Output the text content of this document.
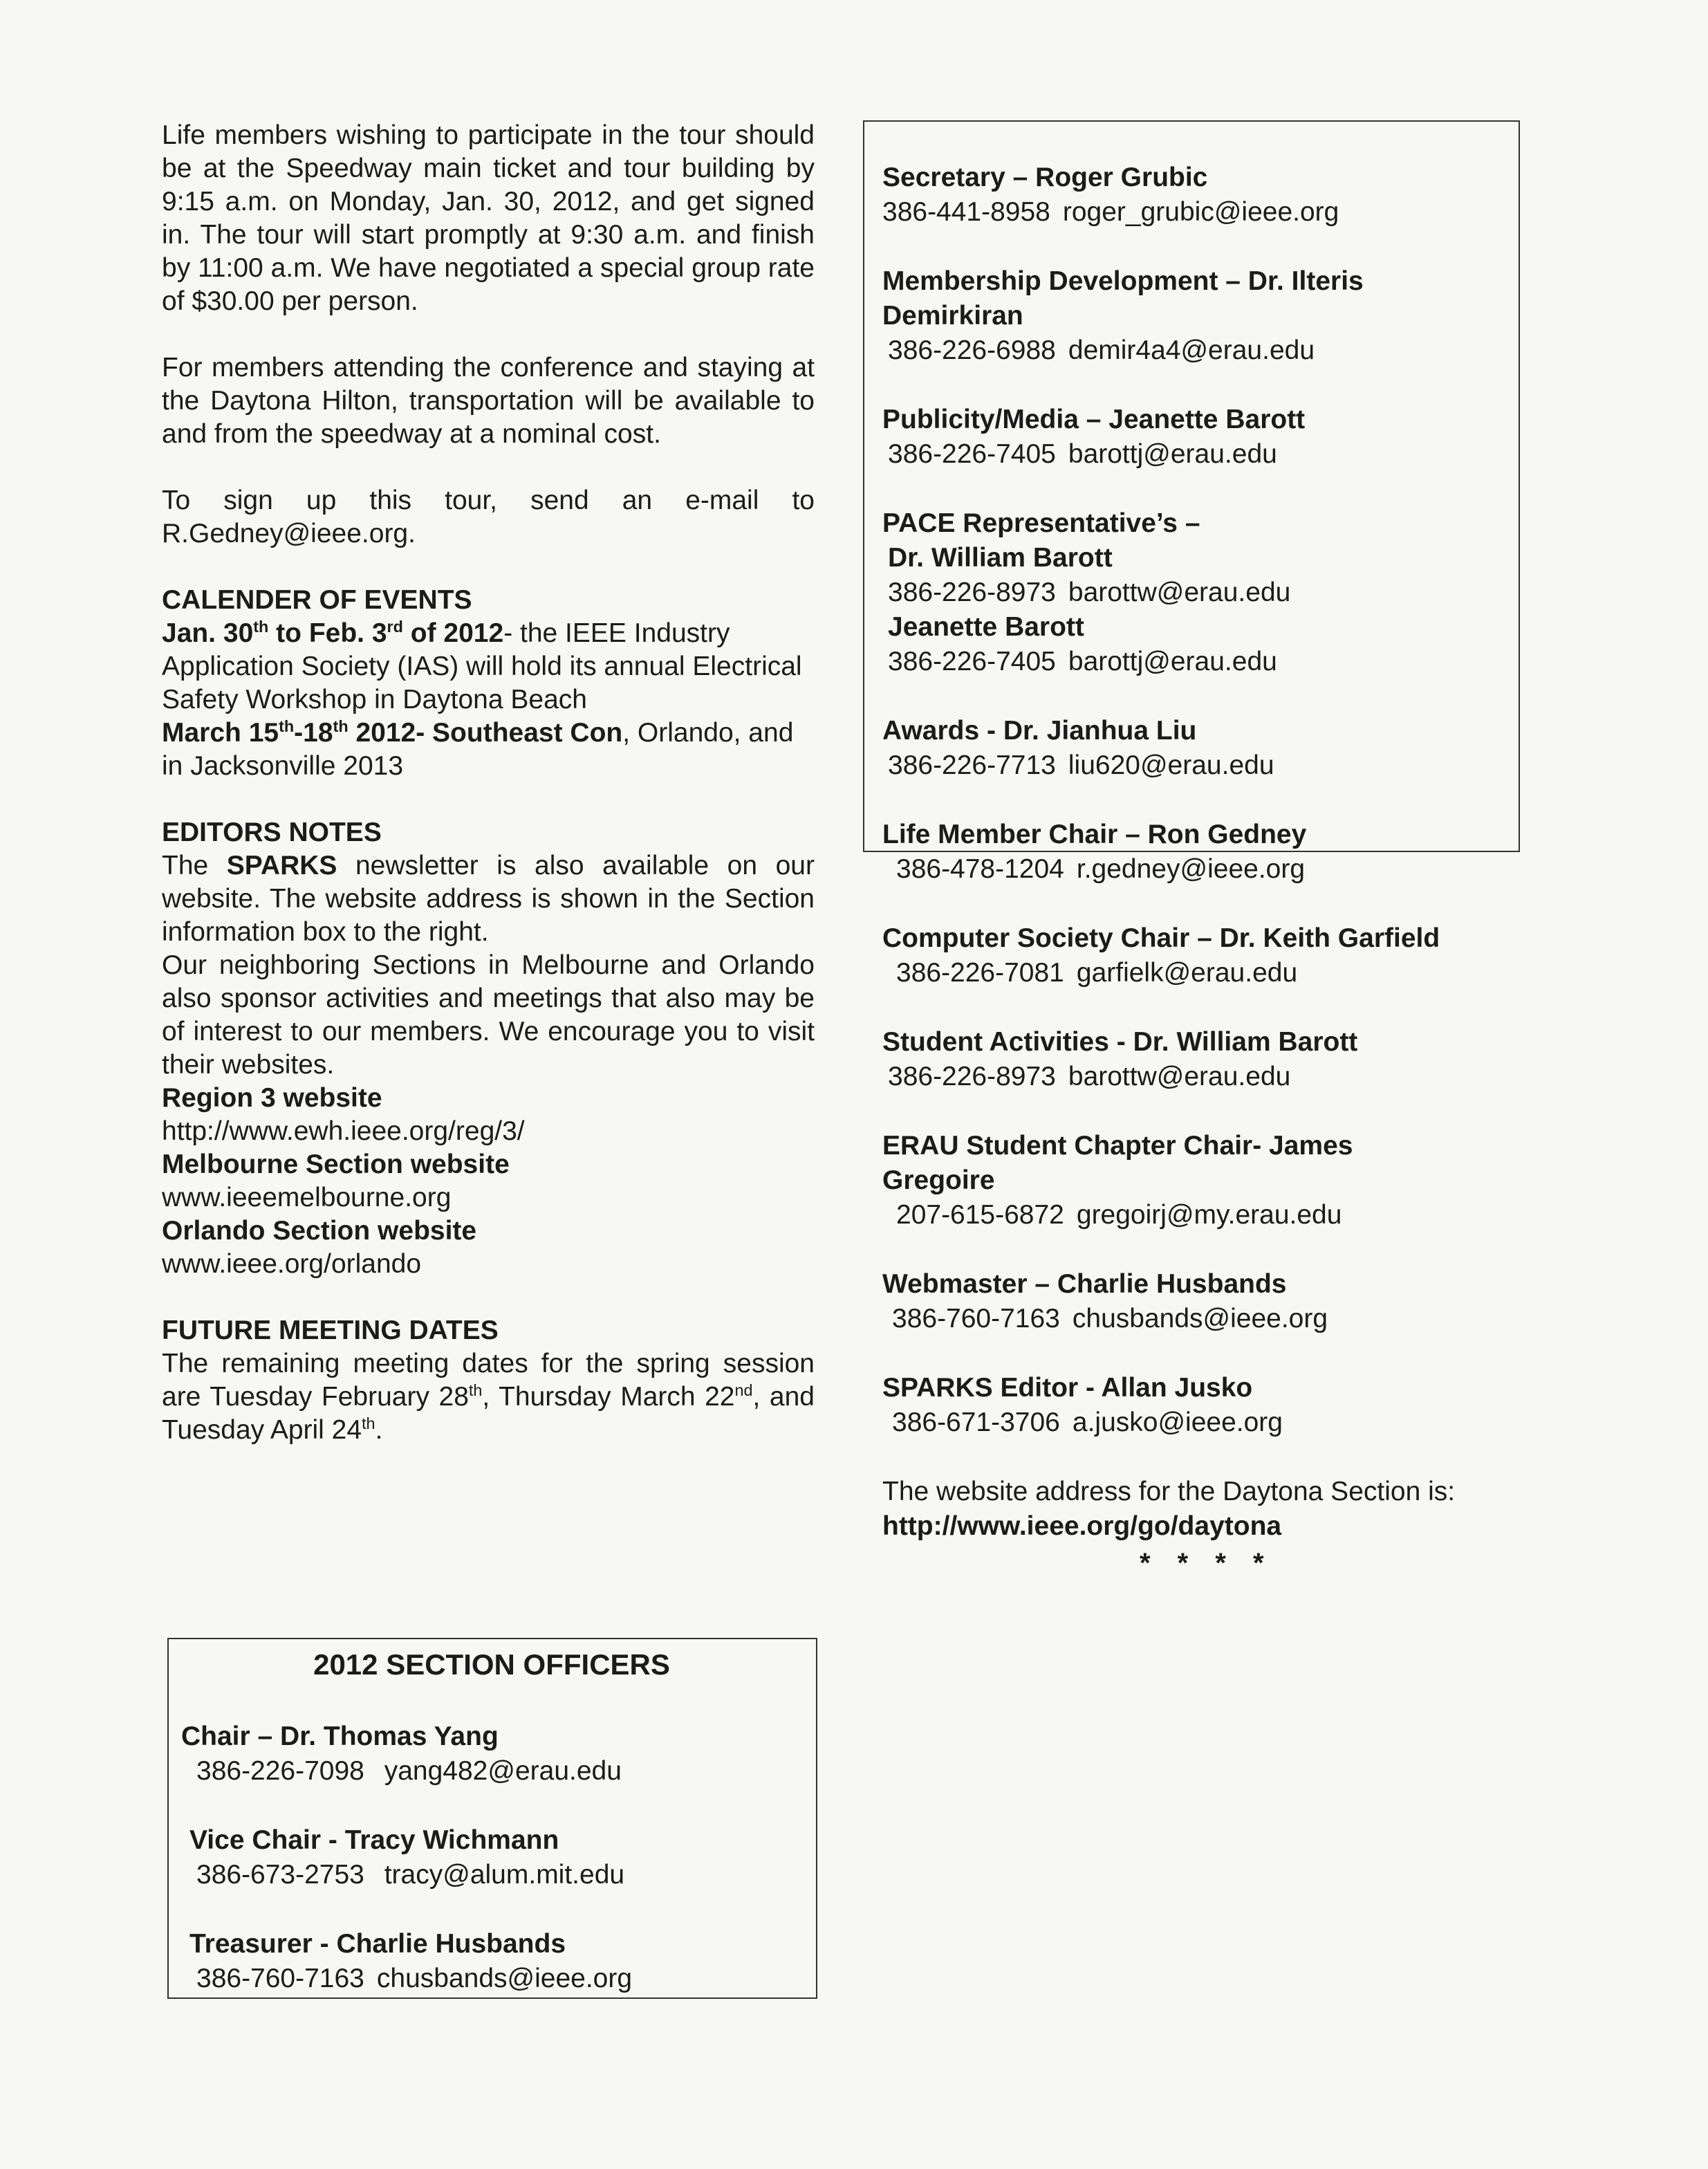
Life members wishing to participate in the tour should be at the Speedway main ticket and tour building by 9:15 a.m. on Monday, Jan. 30, 2012, and get signed in. The tour will start promptly at 9:30 a.m. and finish by 11:00 a.m. We have negotiated a special group rate of $30.00 per person.

For members attending the conference and staying at the Daytona Hilton, transportation will be available to and from the speedway at a nominal cost.

To sign up this tour, send an e-mail to R.Gedney@ieee.org.

CALENDER OF EVENTS

Jan. 30th to Feb. 3rd of 2012- the IEEE Industry Application Society (IAS) will hold its annual Electrical Safety Workshop in Daytona Beach

March 15th-18th 2012- Southeast Con, Orlando, and in Jacksonville 2013

EDITORS NOTES

The SPARKS newsletter is also available on our website. The website address is shown in the Section information box to the right.

Our neighboring Sections in Melbourne and Orlando also sponsor activities and meetings that also may be of interest to our members. We encourage you to visit their websites.

Region 3 website

http://www.ewh.ieee.org/reg/3/

Melbourne Section website

www.ieeemelbourne.org

Orlando Section website

www.ieee.org/orlando

FUTURE MEETING DATES

The remaining meeting dates for the spring session are Tuesday February 28th, Thursday March 22nd, and Tuesday April 24th.

Secretary – Roger Grubic

386-441-8958 roger_grubic@ieee.org

Membership Development – Dr. Ilteris Demirkiran

386-226-6988 demir4a4@erau.edu

Publicity/Media – Jeanette Barott

386-226-7405 barottj@erau.edu

PACE Representative’s –

Dr. William Barott

386-226-8973 barottw@erau.edu

Jeanette Barott

386-226-7405 barottj@erau.edu

Awards - Dr. Jianhua Liu

386-226-7713 liu620@erau.edu

Life Member Chair – Ron Gedney

386-478-1204 r.gedney@ieee.org

Computer Society Chair – Dr. Keith Garfield

386-226-7081 garfielk@erau.edu

Student Activities - Dr. William Barott

386-226-8973 barottw@erau.edu

ERAU Student Chapter Chair- James Gregoire

207-615-6872 gregoirj@my.erau.edu

Webmaster – Charlie Husbands

386-760-7163 chusbands@ieee.org

SPARKS Editor - Allan Jusko

386-671-3706 a.jusko@ieee.org

The website address for the Daytona Section is:

http://www.ieee.org/go/daytona

* * * *

2012 SECTION OFFICERS

Chair – Dr. Thomas Yang

386-226-7098 yang482@erau.edu

Vice Chair - Tracy Wichmann

386-673-2753 tracy@alum.mit.edu

Treasurer - Charlie Husbands

386-760-7163 chusbands@ieee.org
